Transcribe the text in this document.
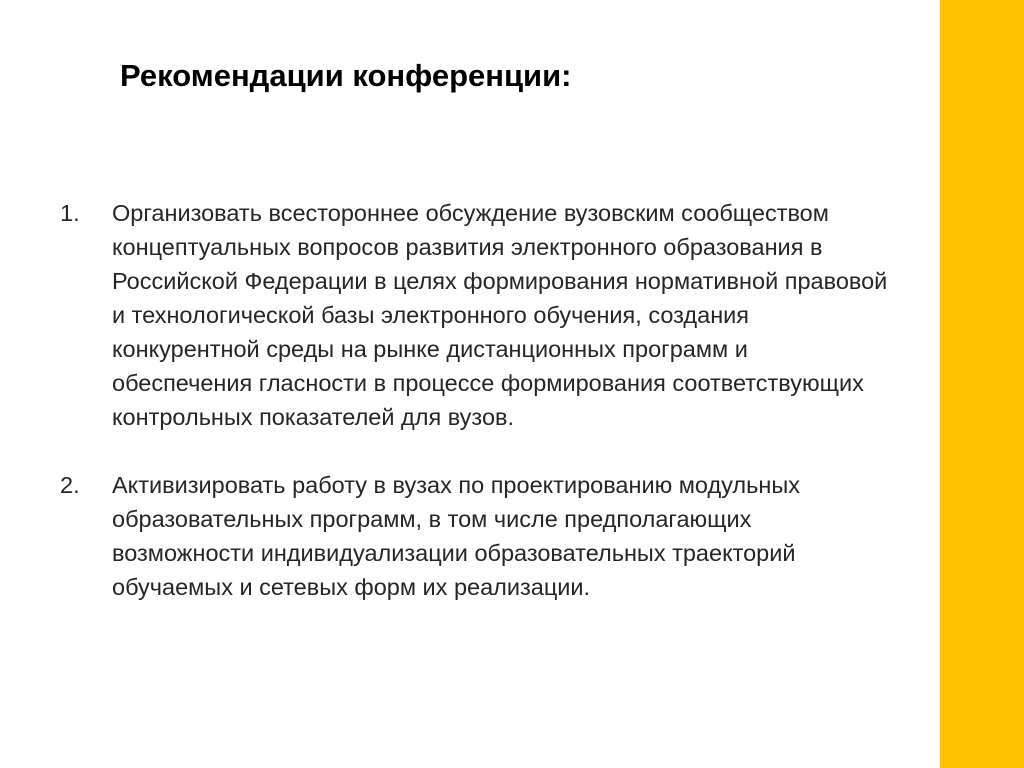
Рекомендации конференции:
1. Организовать всестороннее обсуждение вузовским сообществом концептуальных вопросов развития электронного образования в Российской Федерации в целях формирования нормативной правовой и технологической базы электронного обучения, создания конкурентной среды на рынке дистанционных программ и обеспечения гласности в процессе формирования соответствующих контрольных показателей для вузов.
2. Активизировать работу в вузах по проектированию модульных образовательных программ, в том числе предполагающих возможности индивидуализации образовательных траекторий обучаемых и сетевых форм их реализации.
